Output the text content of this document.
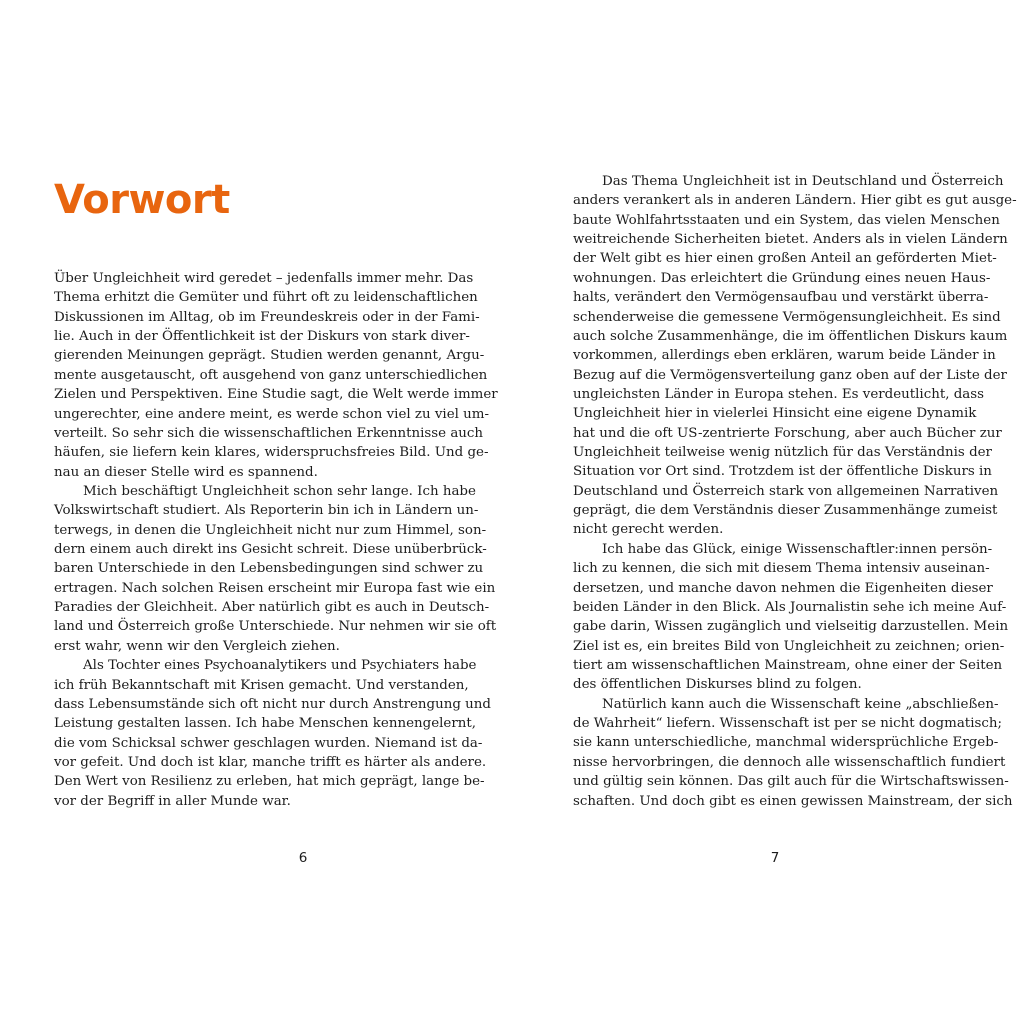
Vorwort
Über Ungleichheit wird geredet – jedenfalls immer mehr. Das
Thema erhitzt die Gemüter und führt oft zu leidenschaftlichen
Diskussionen im Alltag, ob im Freundeskreis oder in der Fami-
lie. Auch in der Öffentlichkeit ist der Diskurs von stark diver-
gierenden Meinungen geprägt. Studien werden genannt, Argu-
mente ausgetauscht, oft ausgehend von ganz unterschiedlichen
Zielen und Perspektiven. Eine Studie sagt, die Welt werde immer
ungerechter, eine andere meint, es werde schon viel zu viel um-
verteilt. So sehr sich die wissenschaftlichen Erkenntnisse auch
häufen, sie liefern kein klares, widerspruchsfreies Bild. Und ge-
nau an dieser Stelle wird es spannend.
Mich beschäftigt Ungleichheit schon sehr lange. Ich habe
Volkswirtschaft studiert. Als Reporterin bin ich in Ländern un-
terwegs, in denen die Ungleichheit nicht nur zum Himmel, son-
dern einem auch direkt ins Gesicht schreit. Diese unüberbrück-
baren Unterschiede in den Lebensbedingungen sind schwer zu
ertragen. Nach solchen Reisen erscheint mir Europa fast wie ein
Paradies der Gleichheit. Aber natürlich gibt es auch in Deutsch-
land und Österreich große Unterschiede. Nur nehmen wir sie oft
erst wahr, wenn wir den Vergleich ziehen.
Als Tochter eines Psychoanalytikers und Psychiaters habe
ich früh Bekanntschaft mit Krisen gemacht. Und verstanden,
dass Lebensumstände sich oft nicht nur durch Anstrengung und
Leistung gestalten lassen. Ich habe Menschen kennengelernt,
die vom Schicksal schwer geschlagen wurden. Niemand ist da-
vor gefeit. Und doch ist klar, manche trifft es härter als andere.
Den Wert von Resilienz zu erleben, hat mich geprägt, lange be-
vor der Begriff in aller Munde war.
6
Das Thema Ungleichheit ist in Deutschland und Österreich
anders verankert als in anderen Ländern. Hier gibt es gut ausge-
baute Wohlfahrtsstaaten und ein System, das vielen Menschen
weitreichende Sicherheiten bietet. Anders als in vielen Ländern
der Welt gibt es hier einen großen Anteil an geförderten Miet-
wohnungen. Das erleichtert die Gründung eines neuen Haus-
halts, verändert den Vermögensaufbau und verstärkt überra-
schenderweise die gemessene Vermögensungleichheit. Es sind
auch solche Zusammenhänge, die im öffentlichen Diskurs kaum
vorkommen, allerdings eben erklären, warum beide Länder in
Bezug auf die Vermögensverteilung ganz oben auf der Liste der
ungleichsten Länder in Europa stehen. Es verdeutlicht, dass
Ungleichheit hier in vielerlei Hinsicht eine eigene Dynamik
hat und die oft US-zentrierte Forschung, aber auch Bücher zur
Ungleichheit teilweise wenig nützlich für das Verständnis der
Situation vor Ort sind. Trotzdem ist der öffentliche Diskurs in
Deutschland und Österreich stark von allgemeinen Narrativen
geprägt, die dem Verständnis dieser Zusammenhänge zumeist
nicht gerecht werden.
Ich habe das Glück, einige Wissenschaftler:innen persön-
lich zu kennen, die sich mit diesem Thema intensiv auseinan-
dersetzen, und manche davon nehmen die Eigenheiten dieser
beiden Länder in den Blick. Als Journalistin sehe ich meine Auf-
gabe darin, Wissen zugänglich und vielseitig darzustellen. Mein
Ziel ist es, ein breites Bild von Ungleichheit zu zeichnen; orien-
tiert am wissenschaftlichen Mainstream, ohne einer der Seiten
des öffentlichen Diskurses blind zu folgen.
Natürlich kann auch die Wissenschaft keine „abschließen-
de Wahrheit“ liefern. Wissenschaft ist per se nicht dogmatisch;
sie kann unterschiedliche, manchmal widersprüchliche Ergeb-
nisse hervorbringen, die dennoch alle wissenschaftlich fundiert
und gültig sein können. Das gilt auch für die Wirtschaftswissen-
schaften. Und doch gibt es einen gewissen Mainstream, der sich
7
